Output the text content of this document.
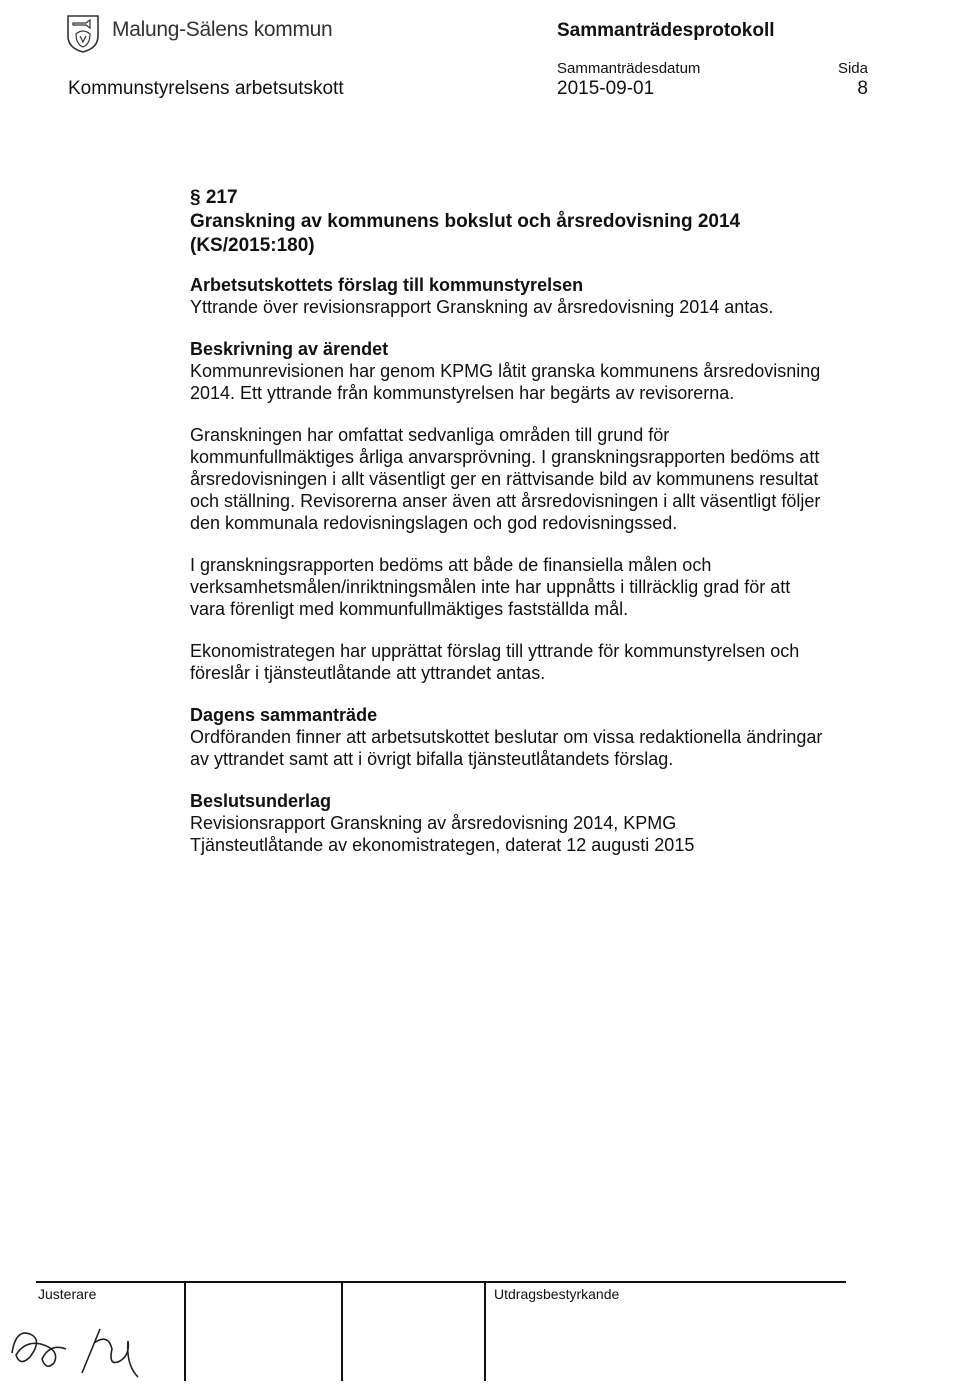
Malung-Sälens kommun	Sammanträdesprotokoll
Kommunstyrelsens arbetsutskott
Sammanträdesdatum
2015-09-01
Sida
8
§ 217
Granskning av kommunens bokslut och årsredovisning 2014
(KS/2015:180)
Arbetsutskottets förslag till kommunstyrelsen

Yttrande över revisionsrapport Granskning av årsredovisning 2014 antas.

Beskrivning av ärendet

Kommunrevisionen har genom KPMG låtit granska kommunens årsredovisning 2014. Ett yttrande från kommunstyrelsen har begärts av revisorerna.

Granskningen har omfattat sedvanliga områden till grund för kommunfullmäktiges årliga anvarsprövning. I granskningsrapporten bedöms att årsredovisningen i allt väsentligt ger en rättvisande bild av kommunens resultat och ställning. Revisorerna anser även att årsredovisningen i allt väsentligt följer den kommunala redovisningslagen och god redovisningssed.

I granskningsrapporten bedöms att både de finansiella målen och verksamhetsmålen/inriktningsmålen inte har uppnåtts i tillräcklig grad för att vara förenligt med kommunfullmäktiges fastställda mål.

Ekonomistrategen har upprättat förslag till yttrande för kommunstyrelsen och föreslår i tjänsteutlåtande att yttrandet antas.

Dagens sammanträde

Ordföranden finner att arbetsutskottet beslutar om vissa redaktionella ändringar av yttrandet samt att i övrigt bifalla tjänsteutlåtandets förslag.

Beslutsunderlag
Revisionsrapport Granskning av årsredovisning 2014, KPMG
Tjänsteutlåtande av ekonomistrategen, daterat 12 augusti 2015
Justerare	Utdragsbestyrkande
